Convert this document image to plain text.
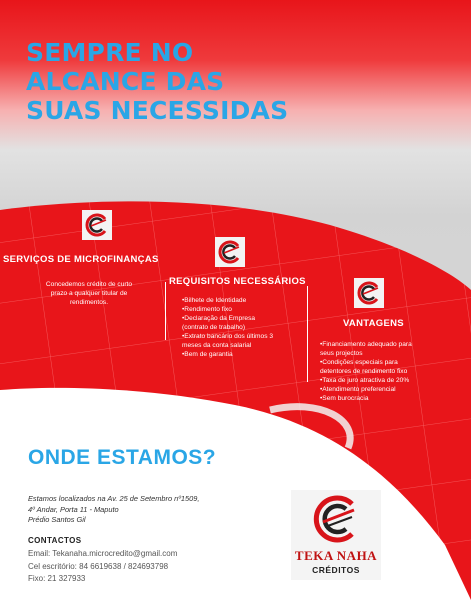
SEMPRE NO
ALCANCE DAS
SUAS NECESSIDAS
SERVIÇOS DE MICROFINANÇAS
Concedemos crédito de curto
prazo a qualquer titular de
rendimentos.
REQUISITOS NECESSÁRIOS
•Bilhete de Identidade
•Rendimento fixo
•Declaração da Empresa
(contrato de trabalho)
•Extrato bancário dos últimos 3
meses da conta salarial
•Bem de garantia
VANTAGENS
•Financiamento adequado para
seus projectos
•Condições especiais para
detentores de rendimento fixo
•Taxa de juro atractiva de 20%
•Atendimento preferencial
•Sem burocracia
ONDE ESTAMOS?
Estamos localizados na Av. 25 de Setembro nº1509,
4º Andar, Porta 11 - Maputo
Prédio Santos Gil
CONTACTOS
Email: Tekanaha.microcredito@gmail.com
Cel escritório: 84 6619638 / 824693798
Fixo: 21 327933
TEKA NAHA
CRÉDITOS
